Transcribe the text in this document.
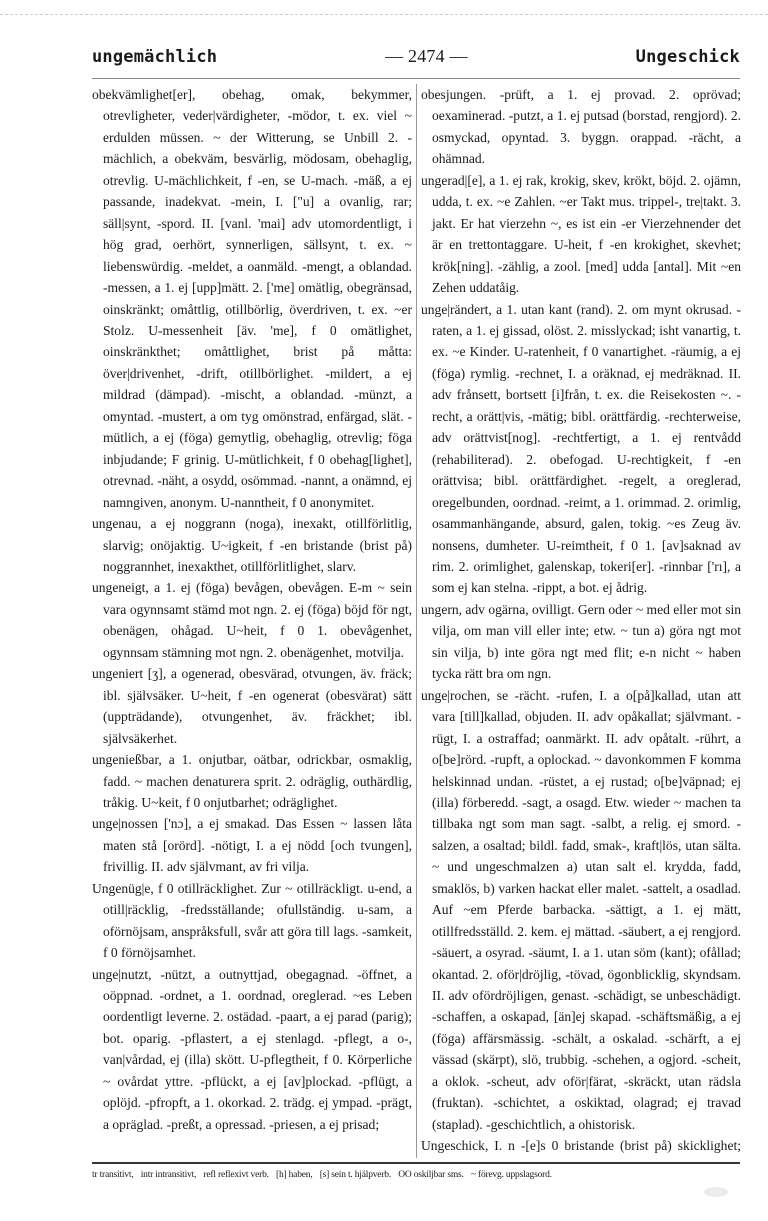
ungemächlich	— 2474 —	Ungeschick

obekvämlighet[er], obehag, omak, bekymmer, otrevligheter, veder|värdigheter, -mödor, t. ex. viel ~ erdulden müssen. ~ der Witterung, se Unbill 2. -mächlich, a obekväm, besvärlig, mödosam, obehaglig, otrevlig. U-mächlichkeit, f -en, se U-mach. -mäß, a ej passande, inadekvat. -mein, I. ["u] a ovanlig, rar; säll|synt, -spord. II. [vanl. 'mai] adv utomordentligt, i hög grad, oerhört, synnerligen, sällsynt, t. ex. ~ liebenswürdig. -meldet, a oanmäld. -mengt, a oblandad. -messen, a 1. ej [upp]mätt. 2. ['me] omätlig, obegränsad, oinskränkt; omåttlig, otillbörlig, överdriven, t. ex. ~er Stolz. U-messenheit [äv. 'me], f 0 omätlighet, oinskränkthet; omåttlighet, brist på måtta: över|drivenhet, -drift, otillbörlighet. -mildert, a ej mildrad (dämpad). -mischt, a oblandad. -münzt, a omyntad. -mustert, a om tyg omönstrad, enfärgad, slät. -mütlich, a ej (föga) gemytlig, obehaglig, otrevlig; föga inbjudande; F grinig. U-mütlichkeit, f 0 obehag[lighet], otrevnad. -näht, a osydd, osömmad. -nannt, a onämnd, ej namngiven, anonym. U-nanntheit, f 0 anonymitet.

ungenau, a ej noggrann (noga), inexakt, otillförlitlig, slarvig; onöjaktig. U~igkeit, f -en bristande (brist på) noggrannhet, inexakthet, otillförlitlighet, slarv.

ungeneigt, a 1. ej (föga) bevågen, obevågen. E-m ~ sein vara ogynnsamt stämd mot ngn. 2. ej (föga) böjd för ngt, obenägen, ohågad. U~heit, f 0 1. obevågenhet, ogynnsam stämning mot ngn. 2. obenägenhet, motvilja.

ungeniert [ʒ], a ogenerad, obesvärad, otvungen, äv. fräck; ibl. självsäker. U~heit, f -en ogenerat (obesvärat) sätt (uppträdande), otvungenhet, äv. fräckhet; ibl. självsäkerhet.

ungenießbar, a 1. onjutbar, oätbar, odrickbar, osmaklig, fadd. ~ machen denaturera sprit. 2. odräglig, outhärdlig, tråkig. U~keit, f 0 onjutbarhet; odräglighet.

unge|nossen ['nɔ], a ej smakad. Das Essen ~ lassen låta maten stå [orörd]. -nötigt, I. a ej nödd [och tvungen], frivillig. II. adv självmant, av fri vilja.

Ungenüg|e, f 0 otillräcklighet. Zur ~ otillräckligt. u-end, a otill|räcklig, -fredsställande; ofullständig. u-sam, a oförnöjsam, anspråksfull, svår att göra till lags. -samkeit, f 0 förnöjsamhet.

unge|nutzt, -nützt, a outnyttjad, obegagnad. -öffnet, a oöppnad. -ordnet, a 1. oordnad, oreglerad. ~es Leben oordentligt leverne. 2. ostädad. -paart, a ej parad (parig); bot. oparig. -pflastert, a ej stenlagd. -pflegt, a o-, van|vårdad, ej (illa) skött. U-pflegtheit, f 0. Körperliche ~ ovårdat yttre. -pflückt, a ej [av]plockad. -pflügt, a oplöjd. -pfropft, a 1. okorkad. 2. trädg. ej ympad. -prägt, a opräglad. -preßt, a opressad. -priesen, a ej prisad;

obesjungen. -prüft, a 1. ej provad. 2. oprövad; oexaminerad. -putzt, a 1. ej putsad (borstad, rengjord). 2. osmyckad, opyntad. 3. byggn. orappad. -rächt, a ohämnad.

ungerad|[e], a 1. ej rak, krokig, skev, krökt, böjd. 2. ojämn, udda, t. ex. ~e Zahlen. ~er Takt mus. trippel-, tre|takt. 3. jakt. Er hat vierzehn ~, es ist ein -er Vierzehnender det är en trettontaggare. U-heit, f -en krokighet, skevhet; krök[ning]. -zählig, a zool. [med] udda [antal]. Mit ~en Zehen uddatåig.

unge|rändert, a 1. utan kant (rand). 2. om mynt okrusad. -raten, a 1. ej gissad, olöst. 2. misslyckad; isht vanartig, t. ex. ~e Kinder. U-ratenheit, f 0 vanartighet. -räumig, a ej (föga) rymlig. -rechnet, I. a oräknad, ej medräknad. II. adv frånsett, bortsett [i]från, t. ex. die Reisekosten ~. -recht, a orätt|vis, -mätig; bibl. orättfärdig. -rechterweise, adv orättvist[nog]. -rechtfertigt, a 1. ej rentvådd (rehabiliterad). 2. obefogad. U-rechtigkeit, f -en orättvisa; bibl. orättfärdighet. -regelt, a oreglerad, oregelbunden, oordnad. -reimt, a 1. orimmad. 2. orimlig, osammanhängande, absurd, galen, tokig. ~es Zeug äv. nonsens, dumheter. U-reimtheit, f 0 1. [av]saknad av rim. 2. orimlighet, galenskap, tokeri[er]. -rinnbar ['rı], a som ej kan stelna. -rippt, a bot. ej ådrig.

ungern, adv ogärna, ovilligt. Gern oder ~ med eller mot sin vilja, om man vill eller inte; etw. ~ tun a) göra ngt mot sin vilja, b) inte göra ngt med flit; e-n nicht ~ haben tycka rätt bra om ngn.

unge|rochen, se -rächt. -rufen, I. a o[på]kallad, utan att vara [till]kallad, objuden. II. adv opåkallat; självmant. -rügt, I. a ostraffad; oanmärkt. II. adv opåtalt. -rührt, a o[be]rörd. -rupft, a oplockad. ~ davonkommen F komma helskinnad undan. -rüstet, a ej rustad; o[be]väpnad; ej (illa) förberedd. -sagt, a osagd. Etw. wieder ~ machen ta tillbaka ngt som man sagt. -salbt, a relig. ej smord. -salzen, a osaltad; bildl. fadd, smak-, kraft|lös, utan sälta. ~ und ungeschmalzen a) utan salt el. krydda, fadd, smaklös, b) varken hackat eller malet. -sattelt, a osadlad. Auf ~em Pferde barbacka. -sättigt, a 1. ej mätt, otillfredsställd. 2. kem. ej mättad. -säubert, a ej rengjord. -säuert, a osyrad. -säumt, I. a 1. utan söm (kant); ofållad; okantad. 2. oför|dröjlig, -tövad, ögonblicklig, skyndsam. II. adv ofördröjligen, genast. -schädigt, se unbeschädigt. -schaffen, a oskapad, [än]ej skapad. -schäftsmäßig, a ej (föga) affärsmässig. -schält, a oskalad. -schärft, a ej vässad (skärpt), slö, trubbig. -schehen, a ogjord. -scheit, a oklok. -scheut, adv oför|färat, -skräckt, utan rädsla (fruktan). -schichtet, a oskiktad, olagrad; ej travad (staplad). -geschichtlich, a ohistorisk.

Ungeschick, I. n -[e]s 0 bristande (brist på) skicklighet;

tr transitivt, intr intransitivt, refl reflexivt verb. [h] haben, [s] sein t. hjälpverb. OO oskiljbar sms. ~ förevg. uppslagsord.
